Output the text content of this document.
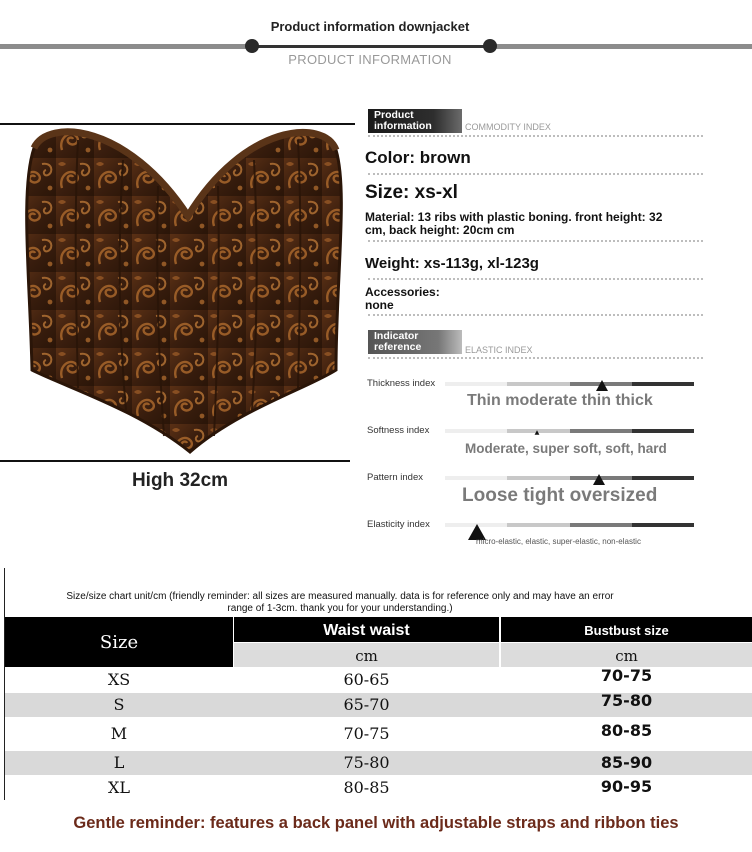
Product information downjacket
PRODUCT INFORMATION
High 32cm
Product information	COMMODITY INDEX
Color: brown
Size: xs-xl
Material: 13 ribs with plastic boning. front height: 32 cm, back height: 20cm cm
Weight: xs-113g, xl-123g
Accessories:
none
Indicator reference	ELASTIC INDEX
Thickness index
Thin moderate thin thick
Softness index
Moderate, super soft, soft, hard
Pattern index
Loose tight oversized
Elasticity index
micro-elastic, elastic, super-elastic, non-elastic
Size/size chart unit/cm (friendly reminder: all sizes are measured manually. data is for reference only and may have an error range of 1-3cm. thank you for your understanding.)
Size
Waist waist	Bustbust size
cm	cm
XS	60-65	70-75
S	65-70	75-80
M	70-75	80-85
L	75-80	85-90
XL	80-85	90-95
Gentle reminder: features a back panel with adjustable straps and ribbon ties
